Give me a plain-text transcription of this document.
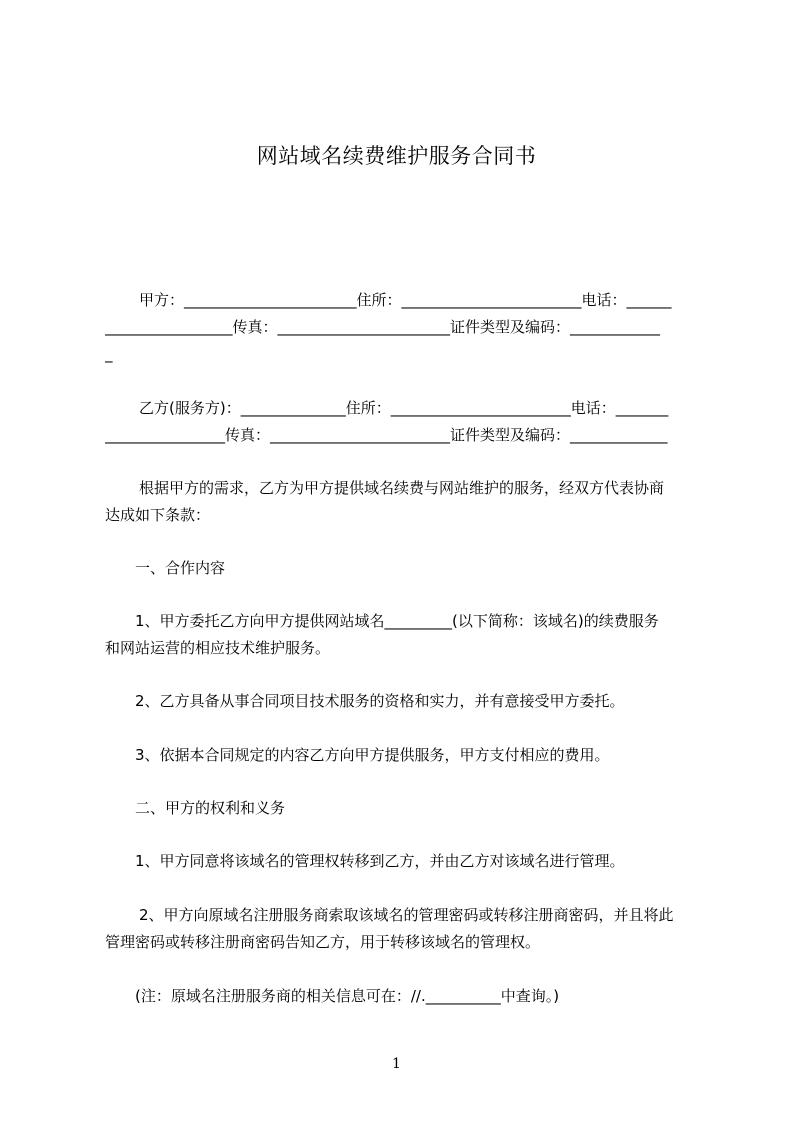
网站域名续费维护服务合同书
甲方：_______________________住所：________________________电话：______
_________________传真：_______________________证件类型及编码：____________
_
乙方(服务方)：______________住所：________________________电话：_______
________________传真：________________________证件类型及编码：_____________
根据甲方的需求，乙方为甲方提供域名续费与网站维护的服务，经双方代表协商
达成如下条款：
一、合作内容
1、甲方委托乙方向甲方提供网站域名_________(以下简称：该域名)的续费服务
和网站运营的相应技术维护服务。
2、乙方具备从事合同项目技术服务的资格和实力，并有意接受甲方委托。
3、依据本合同规定的内容乙方向甲方提供服务，甲方支付相应的费用。
二、甲方的权利和义务
1、甲方同意将该域名的管理权转移到乙方，并由乙方对该域名进行管理。
2、甲方向原域名注册服务商索取该域名的管理密码或转移注册商密码，并且将此
管理密码或转移注册商密码告知乙方，用于转移该域名的管理权。
(注：原域名注册服务商的相关信息可在：//.__________中查询。)
1
